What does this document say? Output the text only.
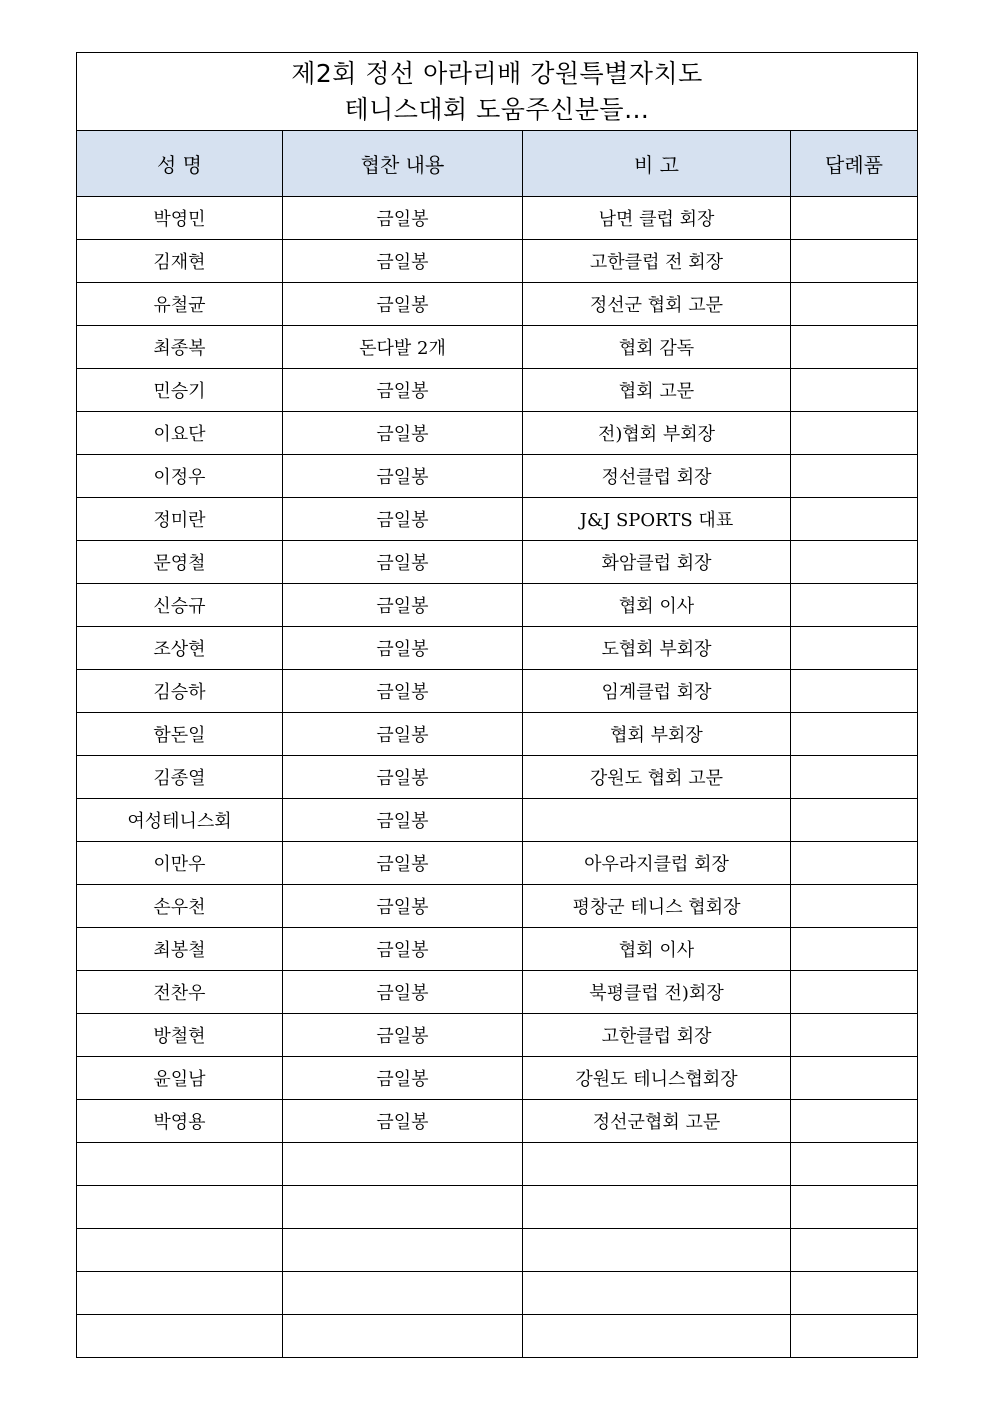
제2회 정선 아라리배 강원특별자치도
테니스대회 도움주신분들…			

성 명	협찬 내용	비 고	답례품
박영민	금일봉	남면 클럽 회장	
김재현	금일봉	고한클럽 전 회장	
유철균	금일봉	정선군 협회 고문	
최종복	돈다발 2개	협회 감독	
민승기	금일봉	협회 고문	
이요단	금일봉	전)협회 부회장	
이정우	금일봉	정선클럽 회장	
정미란	금일봉	J&J SPORTS 대표	
문영철	금일봉	화암클럽 회장	
신승규	금일봉	협회 이사	
조상현	금일봉	도협회 부회장	
김승하	금일봉	임계클럽 회장	
함돈일	금일봉	협회 부회장	
김종열	금일봉	강원도 협회 고문	
여성테니스회	금일봉		
이만우	금일봉	아우라지클럽 회장	
손우천	금일봉	평창군 테니스 협회장	
최봉철	금일봉	협회 이사	
전찬우	금일봉	북평클럽 전)회장	
방철현	금일봉	고한클럽 회장	
윤일남	금일봉	강원도 테니스협회장	
박영용	금일봉	정선군협회 고문	
